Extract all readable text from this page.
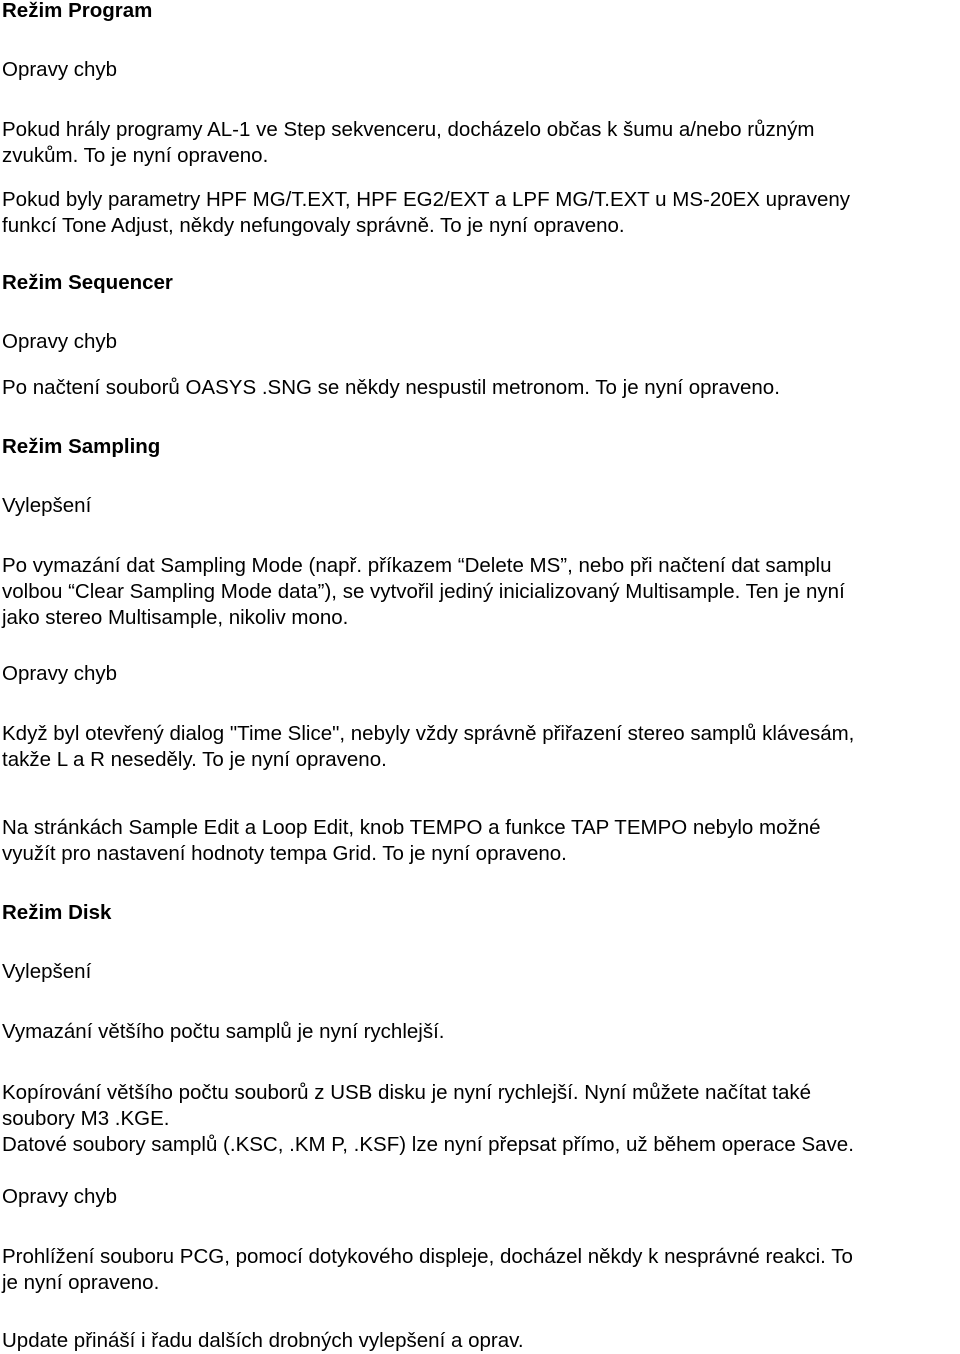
Režim Program
Opravy chyb

Pokud hrály programy AL-1 ve Step sekvenceru, docházelo občas k šumu a/nebo různým

zvukům. To je nyní opraveno.

Pokud byly parametry HPF MG/T.EXT, HPF EG2/EXT a LPF MG/T.EXT u MS-20EX upraveny

funkcí Tone Adjust, někdy nefungovaly správně. To je nyní opraveno.

Režim Sequencer
Opravy chyb

Po načtení souborů OASYS .SNG se někdy nespustil metronom. To je nyní opraveno.

Režim Sampling
Vylepšení

Po vymazání dat Sampling Mode (např. příkazem “Delete MS”, nebo při načtení dat samplu

volbou “Clear Sampling Mode data”), se vytvořil jediný inicializovaný Multisample. Ten je nyní

jako stereo Multisample, nikoliv mono.

Opravy chyb

Když byl otevřený dialog "Time Slice", nebyly vždy správně přiřazení stereo samplů klávesám,

takže L a R neseděly. To je nyní opraveno.

Na stránkách Sample Edit a Loop Edit, knob TEMPO a funkce TAP TEMPO nebylo možné

využít pro nastavení hodnoty tempa Grid. To je nyní opraveno.

Režim Disk
Vylepšení

Vymazání většího počtu samplů je nyní rychlejší.

Kopírování většího počtu souborů z USB disku je nyní rychlejší. Nyní můžete načítat také

soubory M3 .KGE.

Datové soubory samplů (.KSC, .KM P, .KSF) lze nyní přepsat přímo, už během operace Save.

Opravy chyb

Prohlížení souboru PCG, pomocí dotykového displeje, docházel někdy k nesprávné reakci. To

je nyní opraveno.

Update přináší i řadu dalších drobných vylepšení a oprav.
